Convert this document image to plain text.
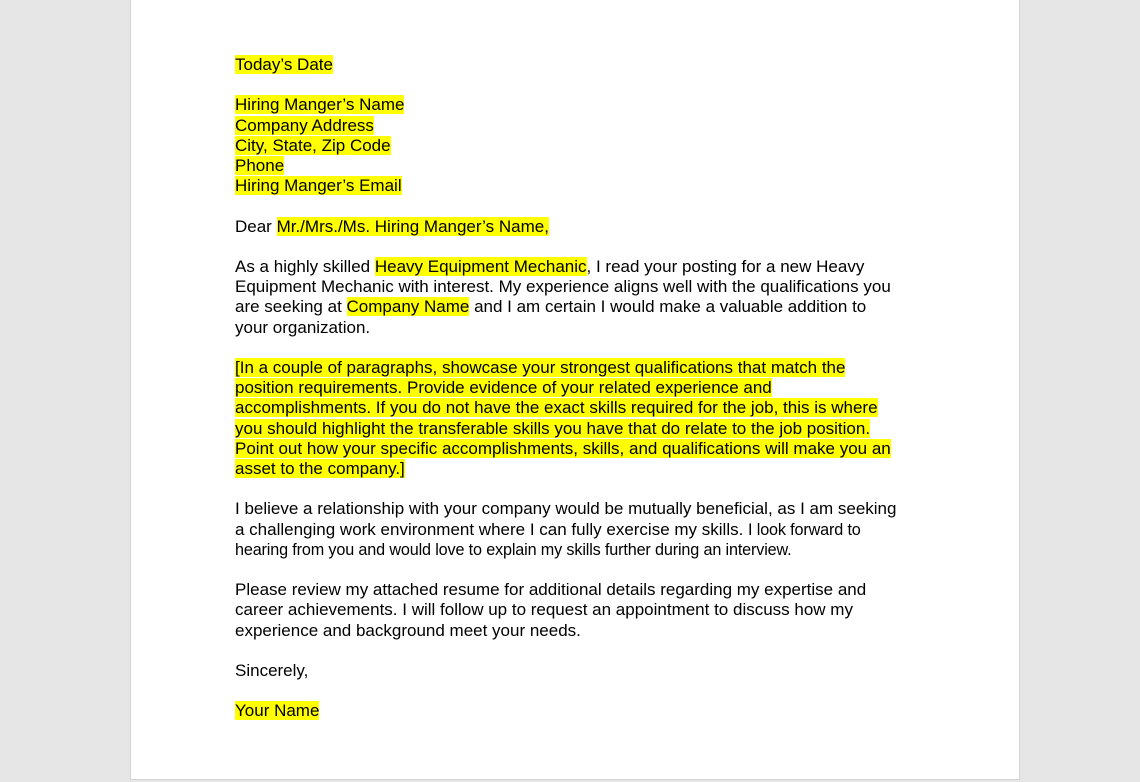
Today’s Date
Hiring Manger’s Name
Company Address
City, State, Zip Code
Phone
Hiring Manger’s Email
Dear Mr./Mrs./Ms. Hiring Manger’s Name,
As a highly skilled Heavy Equipment Mechanic, I read your posting for a new Heavy
Equipment Mechanic with interest. My experience aligns well with the qualifications you
are seeking at Company Name and I am certain I would make a valuable addition to
your organization.
[In a couple of paragraphs, showcase your strongest qualifications that match the
position requirements. Provide evidence of your related experience and
accomplishments. If you do not have the exact skills required for the job, this is where
you should highlight the transferable skills you have that do relate to the job position.
Point out how your specific accomplishments, skills, and qualifications will make you an
asset to the company.]
I believe a relationship with your company would be mutually beneficial, as I am seeking
a challenging work environment where I can fully exercise my skills. I look forward to
hearing from you and would love to explain my skills further during an interview.
Please review my attached resume for additional details regarding my expertise and
career achievements. I will follow up to request an appointment to discuss how my
experience and background meet your needs.
Sincerely,
Your Name
